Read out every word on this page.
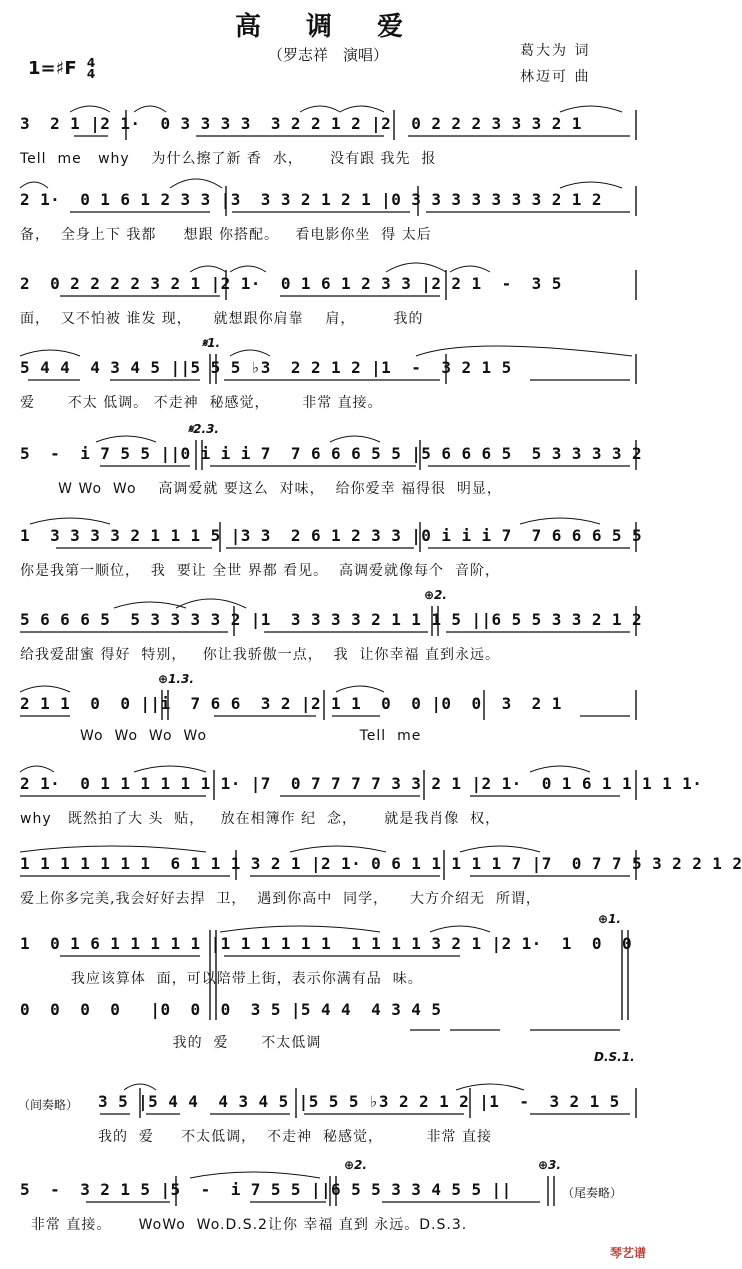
高 调 爱
（罗志祥　演唱）
1=♯F 4
4
葛大为 词
林迈可 曲
3  2 1 |2 1·  0 3 3 3 3  3 2 2 1 2 |2  0 2 2 2 3 3 3 2 1
Tell  me   why    为什么擦了新 香  水，     没有跟 我先  报
2 1·  0 1 6 1 2 3 3 |3  3 3 2 1 2 1 |0 3 3 3 3 3 3 3 2 1 2
备，  全身上下 我都     想跟 你搭配。   看电影你坐  得 太后
2  0 2 2 2 2 3 2 1 |2 1·  0 1 6 1 2 3 3 |2 2 1  -  3 5
面，  又不怕被 谁发 现，    就想跟你肩靠    肩，       我的
𝄋1.
5 4 4  4 3 4 5 ||5 5 5 ♭3  2 2 1 2 |1  -  3 2 1 5
爱      不太 低调。 不走神  秘感觉，      非常 直接。
𝄋2.3.
5  -  i 7 5 5 ||0 i i i 7  7 6 6 6 5 5 |5 6 6 6 5  5 3 3 3 3 2
W Wo  Wo    高调爱就 要这么  对味，  给你爱幸 福得很  明显，
1  3 3 3 3 2 1 1 1 5 |3 3  2 6 1 2 3 3 |0 i i i 7  7 6 6 6 5 5
你是我第一顺位，  我  要让 全世 界都 看见。  高调爱就像每个  音阶，
⊕2.
5 6 6 6 5  5 3 3 3 3 2 |1  3 3 3 3 2 1 1 1 5 ||6 5 5 3 3 2 1 2
给我爱甜蜜 得好  特别，   你让我骄傲一点，  我  让你幸福 直到永远。
⊕1.3.
2 1 1  0  0 ||i  7 6 6  3 2 |2 1 1  0  0 |0  0  3  2 1
Wo  Wo  Wo  Wo                            Tell  me
2 1·  0 1 1 1 1 1 1 1· |7  0 7 7 7 7 3 3 2 1 |2 1·  0 1 6 1 1 1 1 1·
why   既然拍了大 头  贴，   放在相簿作 纪  念，     就是我肖像  权，
1 1 1 1 1 1 1  6 1 1 1 3 2 1 |2 1· 0 6 1 1 1 1 1 7 |7  0 7 7 5 3 2 2 1 2
爱上你多完美,我会好好去捍  卫，  遇到你高中  同学，    大方介绍无  所谓，
⊕1.
1  0 1 6 1 1 1 1 1 |1 1 1 1 1 1  1 1 1 1 3 2 1 |2 1·  1  0  0
我应该算体  面，可以陪带上街，表示你满有品  味。
0  0  0  0   |0  0  0  3 5 |5 4 4  4 3 4 5
我的  爱      不太低调
D.S.1.
（间奏略） 3 5 |5 4 4  4 3 4 5 |5 5 5 ♭3 2 2 1 2 |1  -  3 2 1 5
我的  爱     不太低调，  不走神  秘感觉，        非常 直接
⊕2.	⊕3.
5  -  3 2 1 5 |5  -  i 7 5 5 ||6 5 5 3 3 4 5 5 ||	（尾奏略）
非常 直接。     WoWo  Wo.D.S.2让你 幸福 直到 永远。D.S.3.
琴艺谱
